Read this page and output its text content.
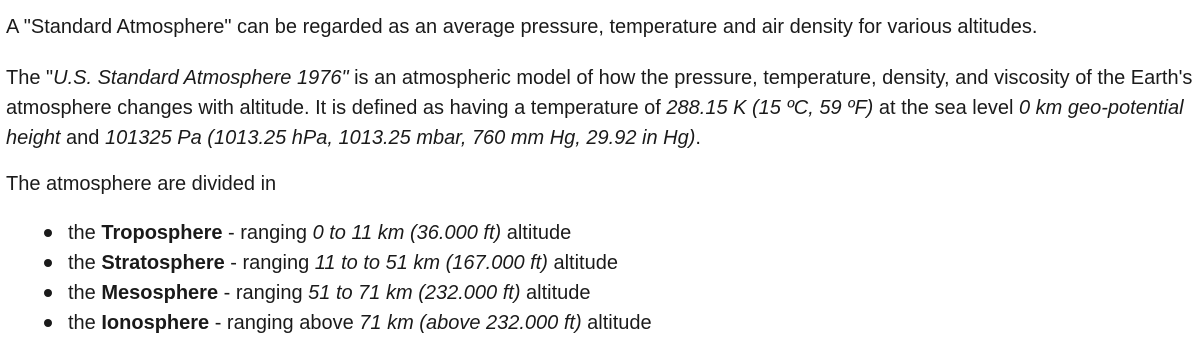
A "Standard Atmosphere" can be regarded as an average pressure, temperature and air density for various altitudes.

The "U.S. Standard Atmosphere 1976" is an atmospheric model of how the pressure, temperature, density, and viscosity of the Earth's atmosphere changes with altitude. It is defined as having a temperature of 288.15 K (15 ºC, 59 ºF) at the sea level 0 km geo-potential height and 101325 Pa (1013.25 hPa, 1013.25 mbar, 760 mm Hg, 29.92 in Hg).

The atmosphere are divided in

the Troposphere - ranging 0 to 11 km (36.000 ft) altitude
the Stratosphere - ranging 11 to to 51 km (167.000 ft) altitude
the Mesosphere - ranging 51 to 71 km (232.000 ft) altitude
the Ionosphere - ranging above 71 km (above 232.000 ft) altitude
